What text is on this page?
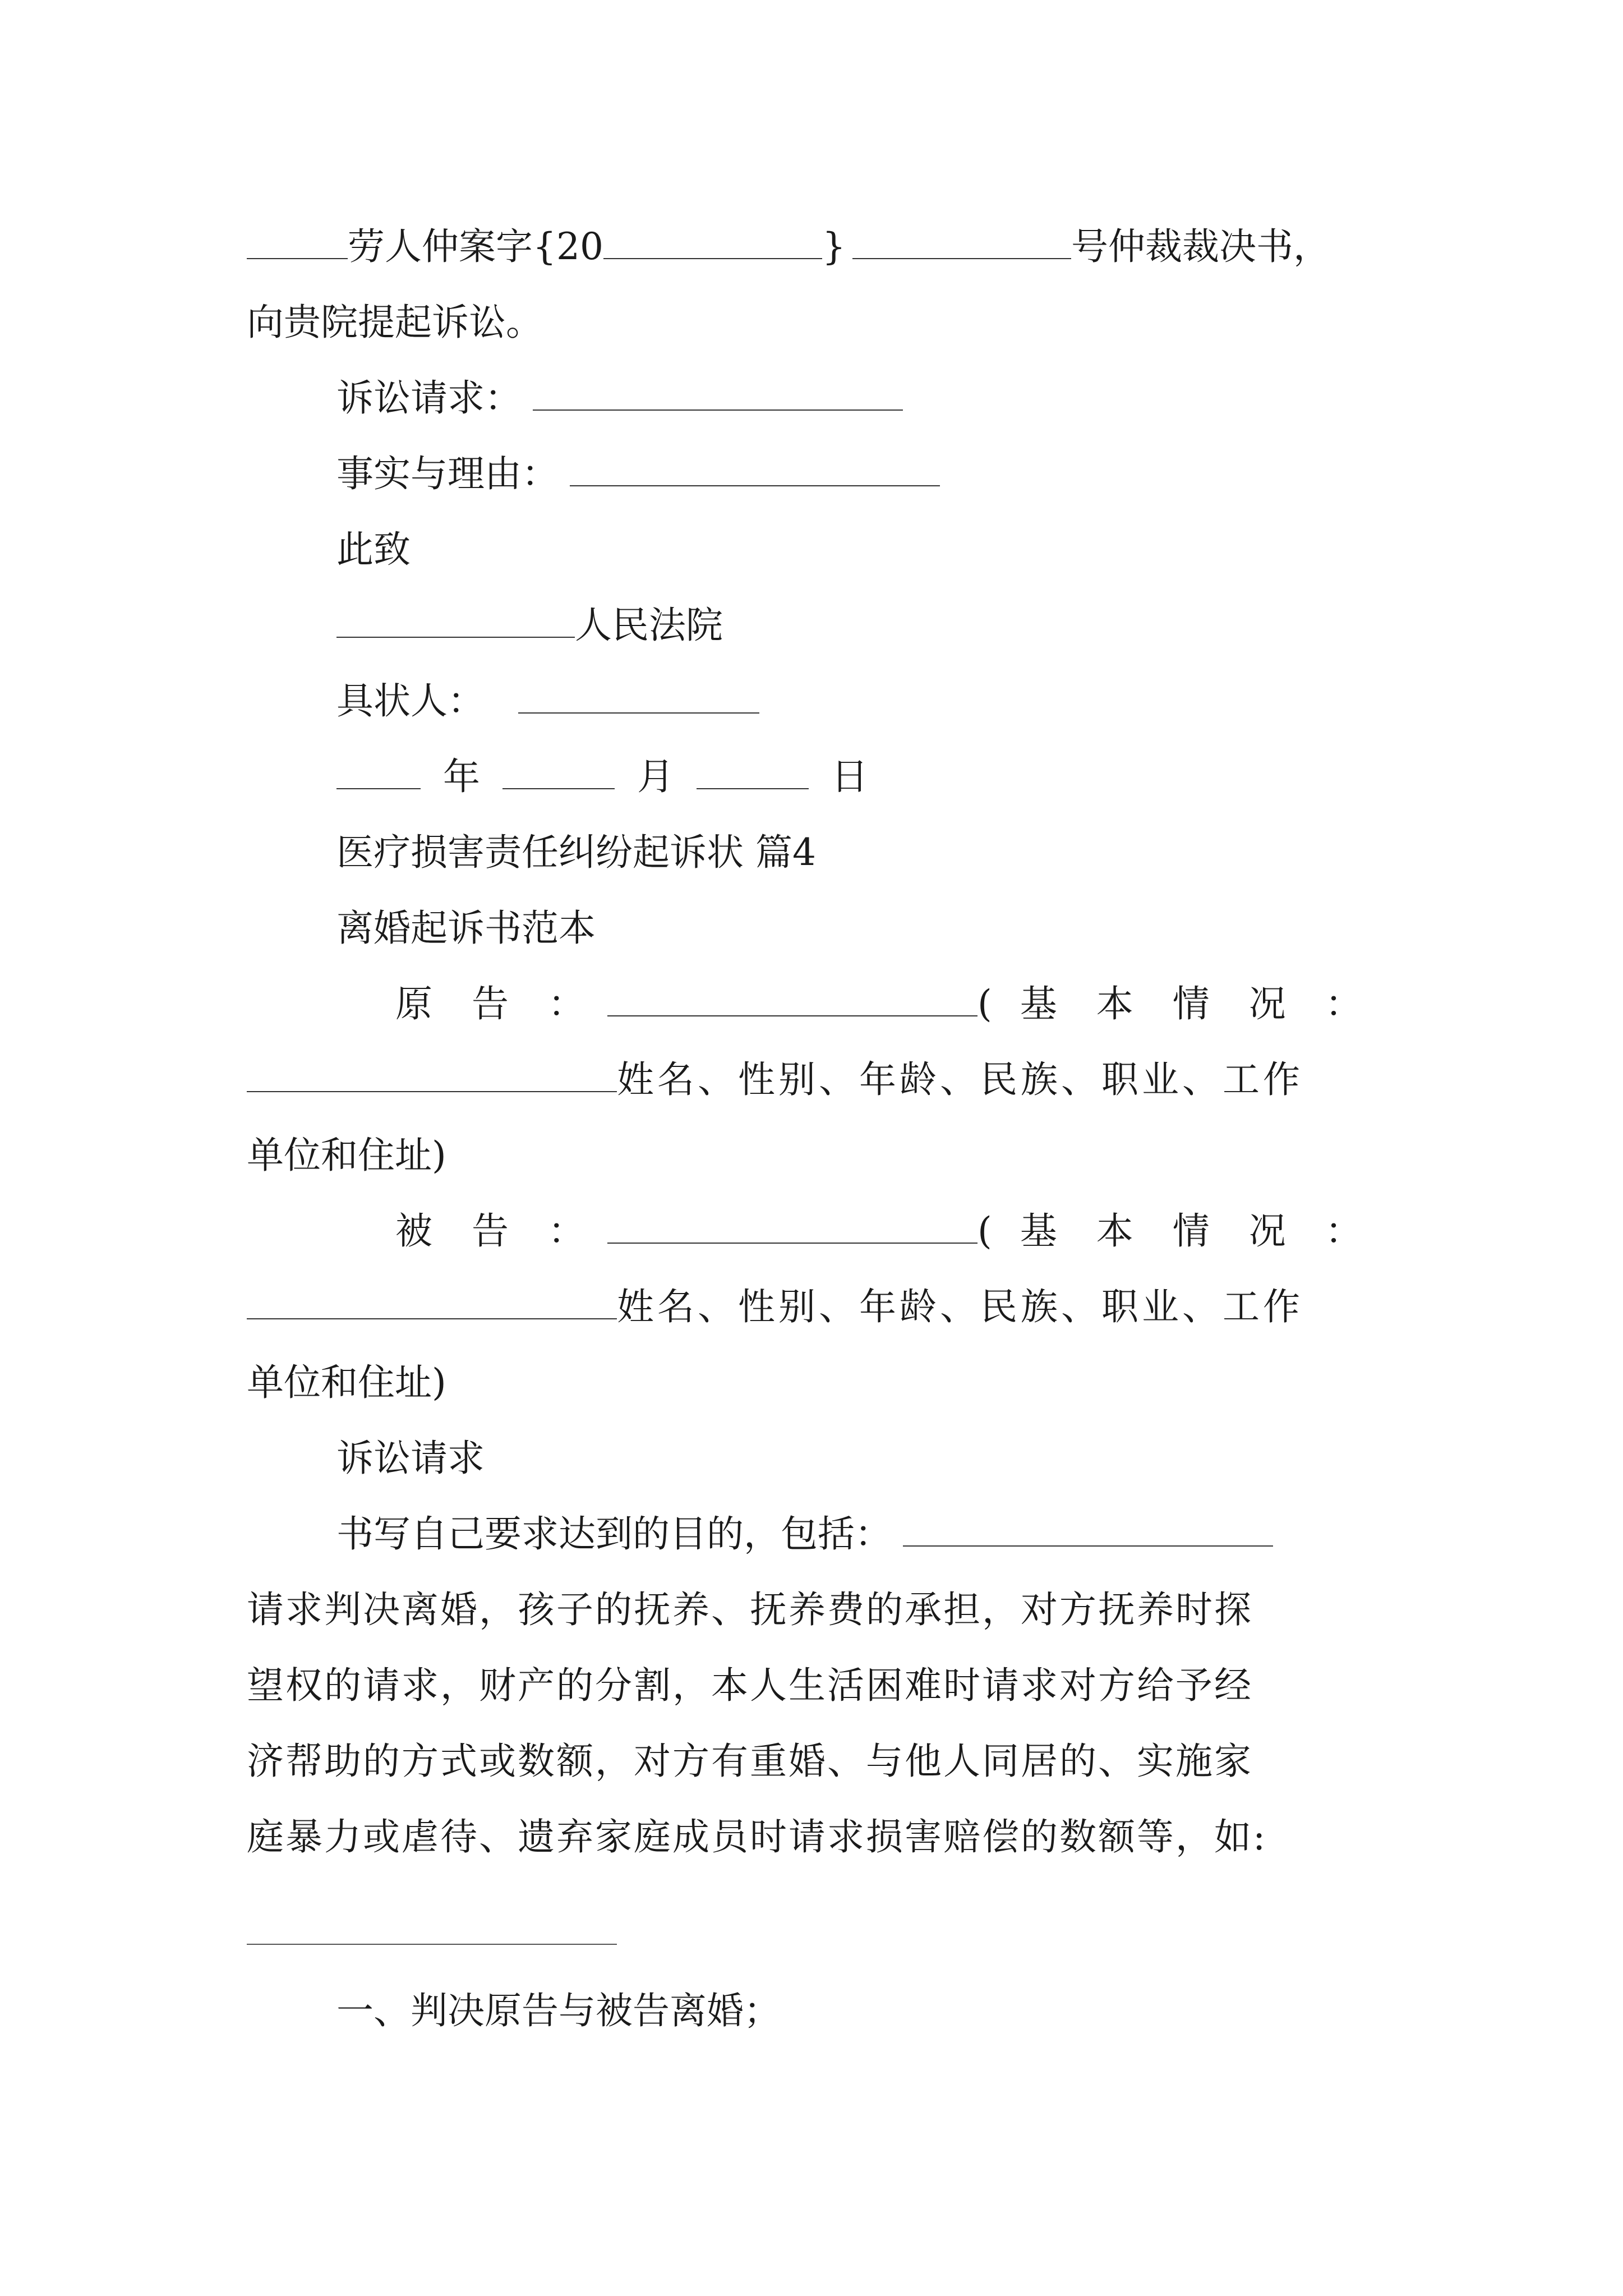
劳人仲案字{20	}	号仲裁裁决书，
向贵院提起诉讼。
诉讼请求：
事实与理由：
此致
人民法院
具状人：
年	月	日
医疗损害责任纠纷起诉状 篇4
离婚起诉书范本
原 告 ：	( 基 本 情 况 ：
姓名、性别、年龄、民族、职业、工作
单位和住址)
被 告 ：	( 基 本 情 况 ：
姓名、性别、年龄、民族、职业、工作
单位和住址)
诉讼请求
书写自己要求达到的目的，包括：
请求判决离婚，孩子的抚养、抚养费的承担，对方抚养时探
望权的请求，财产的分割，本人生活困难时请求对方给予经
济帮助的方式或数额，对方有重婚、与他人同居的、实施家
庭暴力或虐待、遗弃家庭成员时请求损害赔偿的数额等，如:
一、判决原告与被告离婚；
